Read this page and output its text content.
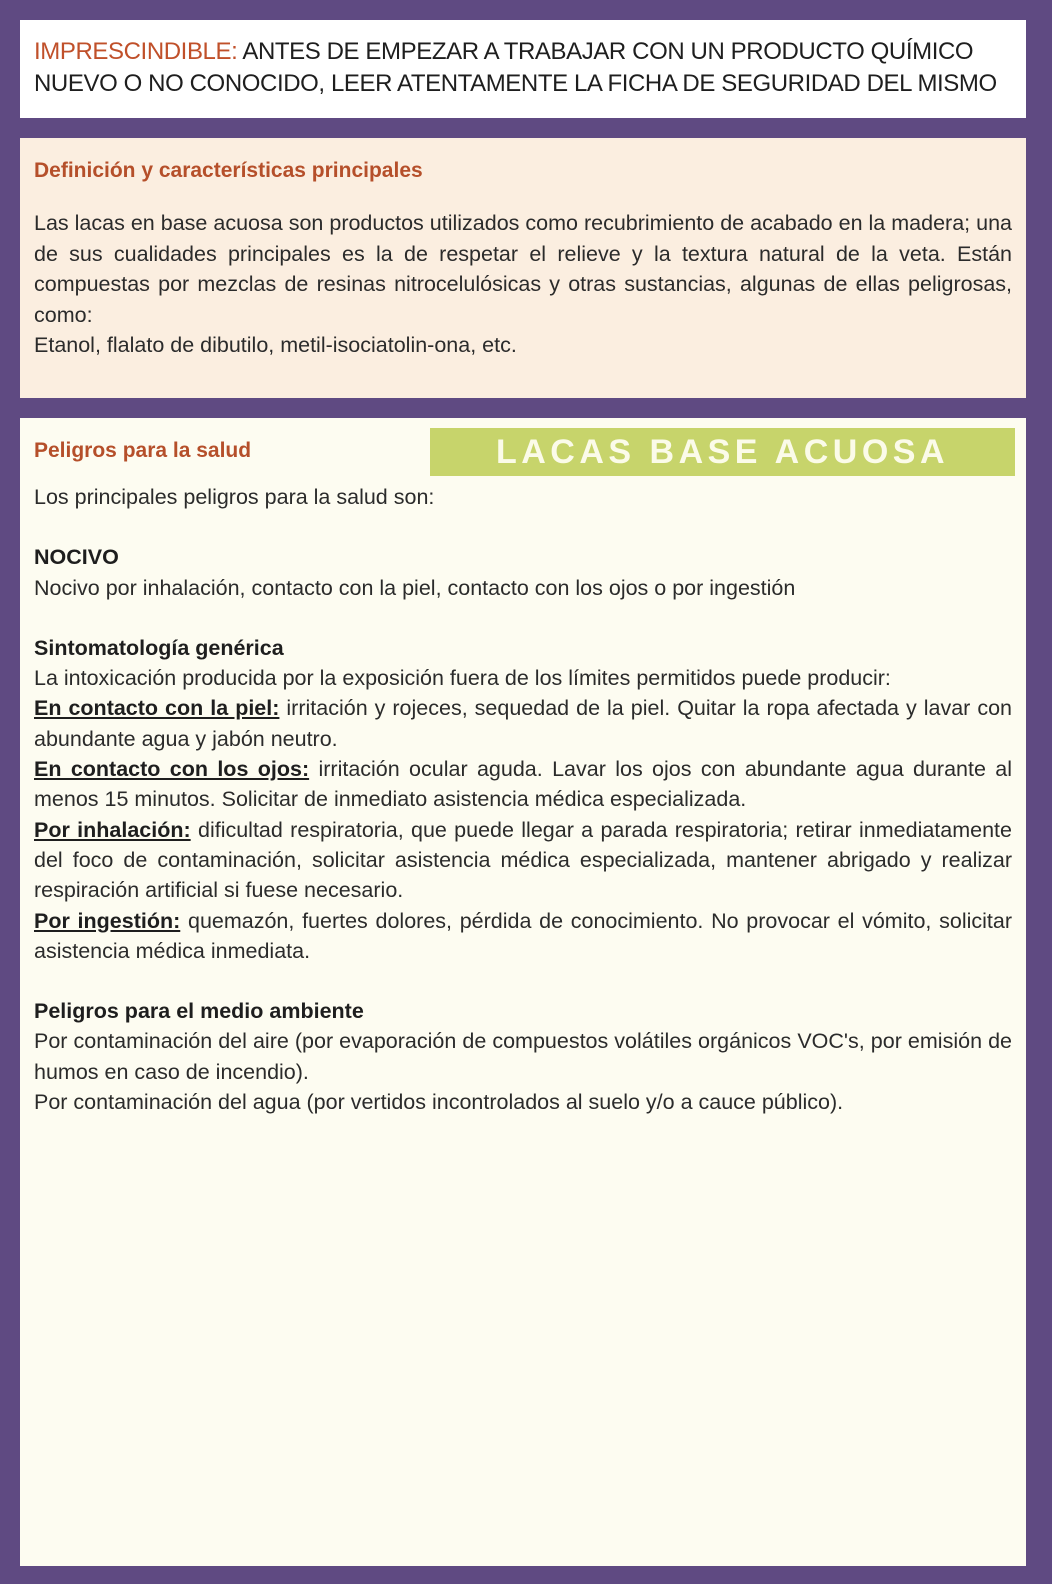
IMPRESCINDIBLE: ANTES DE EMPEZAR A TRABAJAR CON UN PRODUCTO QUÍMICO
NUEVO O NO CONOCIDO, LEER ATENTAMENTE LA FICHA DE SEGURIDAD DEL MISMO
Definición y características principales

Las lacas en base acuosa son productos utilizados como recubrimiento de acabado en la madera; una de sus cualidades principales es la de respetar el relieve y la textura natural de la veta. Están compuestas por mezclas de resinas nitrocelulósicas y otras sustancias, algunas de ellas peligrosas, como:

Etanol, flalato de dibutilo, metil-isociatolin-ona, etc.

LACAS BASE ACUOSA
Peligros para la salud

Los principales peligros para la salud son:

NOCIVO

Nocivo por inhalación, contacto con la piel, contacto con los ojos o por ingestión

Sintomatología genérica

La intoxicación producida por la exposición fuera de los límites permitidos puede producir:

En contacto con la piel: irritación y rojeces, sequedad de la piel. Quitar la ropa afectada y lavar con abundante agua y jabón neutro.

En contacto con los ojos: irritación ocular aguda. Lavar los ojos con abundante agua durante al menos 15 minutos. Solicitar de inmediato asistencia médica especializada.

Por inhalación: dificultad respiratoria, que puede llegar a parada respiratoria; retirar inmediatamente del foco de contaminación, solicitar asistencia médica especializada, mantener abrigado y realizar respiración artificial si fuese necesario.

Por ingestión: quemazón, fuertes dolores, pérdida de conocimiento. No provocar el vómito, solicitar asistencia médica inmediata.

Peligros para el medio ambiente

Por contaminación del aire (por evaporación de compuestos volátiles orgánicos VOC's, por emisión de humos en caso de incendio).

Por contaminación del agua (por vertidos incontrolados al suelo y/o a cauce público).
